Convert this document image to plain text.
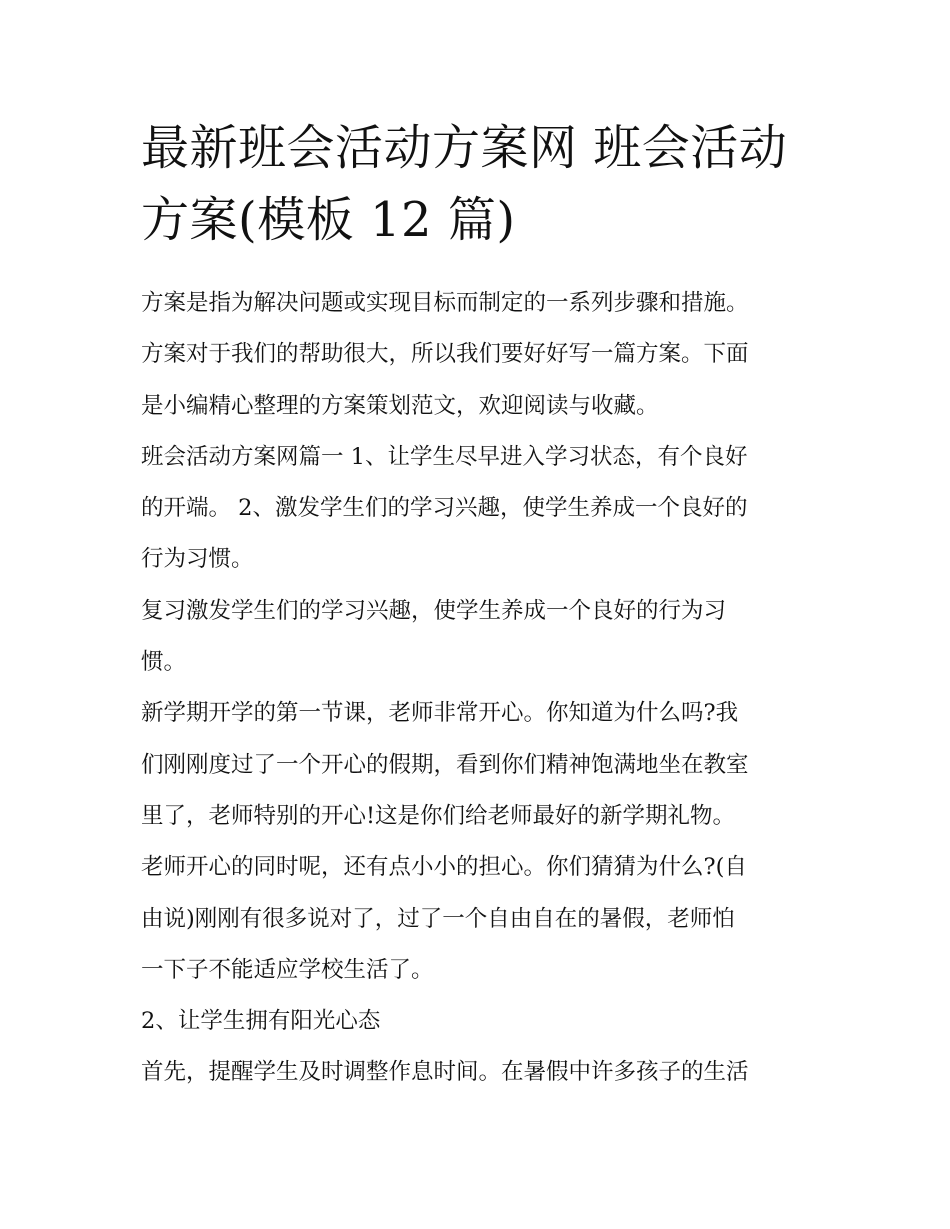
最新班会活动方案网 班会活动
方案(模板 12 篇)

方案是指为解决问题或实现目标而制定的一系列步骤和措施。
方案对于我们的帮助很大，所以我们要好好写一篇方案。下面
是小编精心整理的方案策划范文，欢迎阅读与收藏。

班会活动方案网篇一 1、让学生尽早进入学习状态，有个良好
的开端。 2、激发学生们的学习兴趣，使学生养成一个良好的
行为习惯。

复习激发学生们的学习兴趣，使学生养成一个良好的行为习
惯。

新学期开学的第一节课，老师非常开心。你知道为什么吗?我
们刚刚度过了一个开心的假期，看到你们精神饱满地坐在教室
里了，老师特别的开心!这是你们给老师最好的新学期礼物。

老师开心的同时呢，还有点小小的担心。你们猜猜为什么?(自
由说)刚刚有很多说对了，过了一个自由自在的暑假，老师怕
一下子不能适应学校生活了。

2、让学生拥有阳光心态

首先，提醒学生及时调整作息时间。在暑假中许多孩子的生活
